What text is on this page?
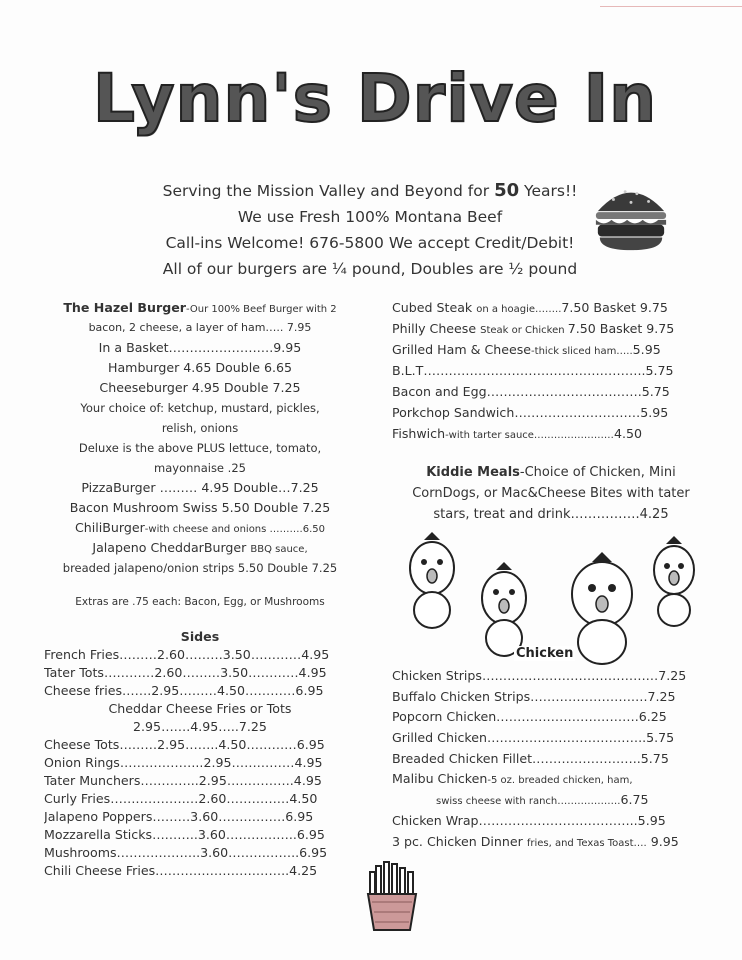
Lynn's Drive In
Serving the Mission Valley and Beyond for 50 Years!!
We use Fresh 100% Montana Beef
Call-ins Welcome! 676-5800 We accept Credit/Debit!
All of our burgers are ¼ pound, Doubles are ½ pound
The Hazel Burger-Our 100% Beef Burger with 2
bacon, 2 cheese, a layer of ham….. 7.95
In a Basket…………………….9.95
Hamburger 4.65 Double 6.65
Cheeseburger 4.95 Double 7.25
Your choice of: ketchup, mustard, pickles,
relish, onions
Deluxe is the above PLUS lettuce, tomato,
mayonnaise .25
PizzaBurger ……… 4.95 Double…7.25
Bacon Mushroom Swiss 5.50 Double 7.25
ChiliBurger-with cheese and onions ……….6.50
Jalapeno CheddarBurger BBQ sauce,
breaded jalapeno/onion strips 5.50 Double 7.25
Extras are .75 each: Bacon, Egg, or Mushrooms
Sides
French Fries………2.60………3.50…………4.95
Tater Tots…………2.60………3.50…………4.95
Cheese fries…….2.95………4.50…………6.95
Cheddar Cheese Fries or Tots
2.95…….4.95…..7.25
Cheese Tots………2.95……..4.50…………6.95
Onion Rings………………..2.95……………4.95
Tater Munchers…………..2.95…………….4.95
Curly Fries…………………2.60……………4.50
Jalapeno Poppers………3.60…………….6.95
Mozzarella Sticks………..3.60……………..6.95
Mushrooms………………..3.60……………..6.95
Chili Cheese Fries…………………………..4.25
Cubed Steak on a hoagie……..7.50 Basket 9.75
Philly Cheese Steak or Chicken 7.50 Basket 9.75
Grilled Ham & Cheese-thick sliced ham…..5.95
B.L.T……………………………………………..5.75
Bacon and Egg……………………………….5.75
Porkchop Sandwich…………………………5.95
Fishwich-with tarter sauce……………………4.50
Kiddie Meals-Choice of Chicken, Mini
CornDogs, or Mac&Cheese Bites with tater
stars, treat and drink…………….4.25
Chicken
Chicken Strips……………………………………7.25
Buffalo Chicken Strips……………………….7.25
Popcorn Chicken…………………………….6.25
Grilled Chicken………………………………..5.75
Breaded Chicken Fillet……………………..5.75
Malibu Chicken-5 oz. breaded chicken, ham,
swiss cheese with ranch……………….6.75
Chicken Wrap………………………………..5.95
3 pc. Chicken Dinner fries, and Texas Toast…. 9.95
